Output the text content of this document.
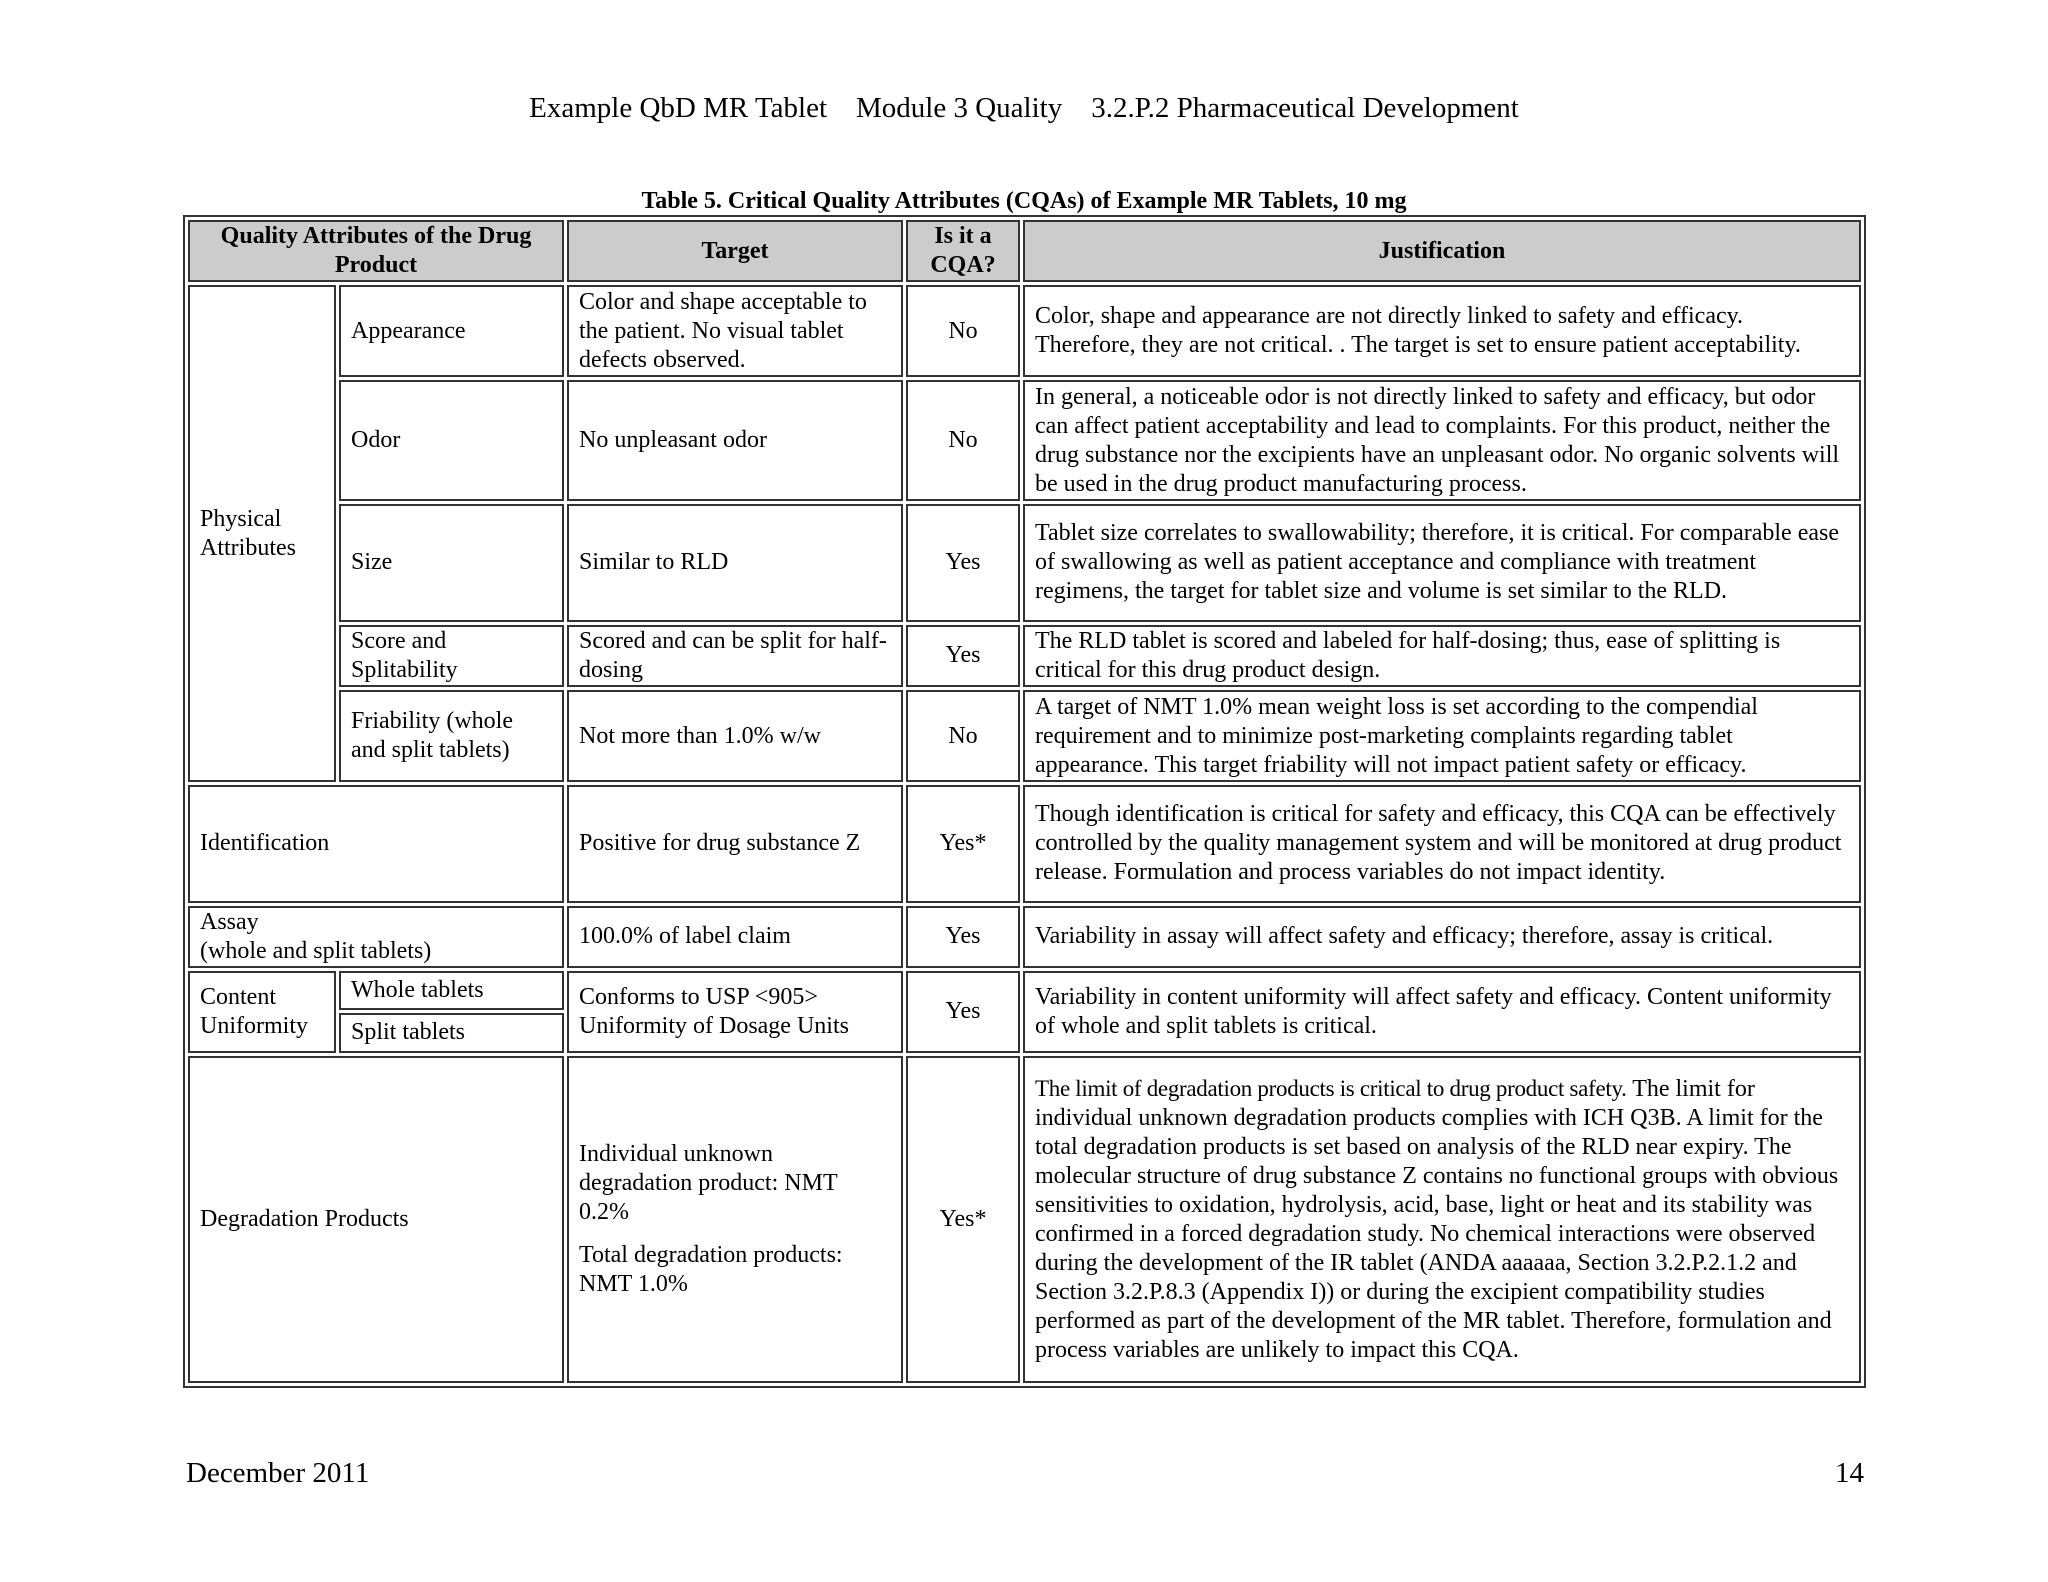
Example QbD MR Tablet    Module 3 Quality    3.2.P.2 Pharmaceutical Development
Table 5. Critical Quality Attributes (CQAs) of Example MR Tablets, 10 mg
Quality Attributes of the Drug Product		Target	Is it a CQA?	Justification
Physical Attributes	Appearance	Color and shape acceptable to the patient. No visual tablet defects observed.	No	Color, shape and appearance are not directly linked to safety and efficacy. Therefore, they are not critical. . The target is set to ensure patient acceptability.
	Odor	No unpleasant odor	No	In general, a noticeable odor is not directly linked to safety and efficacy, but odor can affect patient acceptability and lead to complaints. For this product, neither the drug substance nor the excipients have an unpleasant odor. No organic solvents will be used in the drug product manufacturing process.
	Size	Similar to RLD	Yes	Tablet size correlates to swallowability; therefore, it is critical. For comparable ease of swallowing as well as patient acceptance and compliance with treatment regimens, the target for tablet size and volume is set similar to the RLD.
	Score and Splitability	Scored and can be split for half-dosing	Yes	The RLD tablet is scored and labeled for half-dosing; thus, ease of splitting is critical for this drug product design.
	Friability (whole and split tablets)	Not more than 1.0% w/w	No	A target of NMT 1.0% mean weight loss is set according to the compendial requirement and to minimize post-marketing complaints regarding tablet appearance. This target friability will not impact patient safety or efficacy.
Identification		Positive for drug substance Z	Yes*	Though identification is critical for safety and efficacy, this CQA can be effectively controlled by the quality management system and will be monitored at drug product release. Formulation and process variables do not impact identity.

Assay
(whole and split tablets)		100.0% of label claim	Yes	Variability in assay will affect safety and efficacy; therefore, assay is critical.
Content Uniformity	Whole tablets	Conforms to USP <905> Uniformity of Dosage Units	Yes	Variability in content uniformity will affect safety and efficacy. Content uniformity of whole and split tablets is critical.
	Split tablets			
Degradation Products		Individual unknown degradation product: NMT 0.2%
Total degradation products: NMT 1.0%	Yes*	The limit of degradation products is critical to drug product safety. The limit for individual unknown degradation products complies with ICH Q3B. A limit for the total degradation products is set based on analysis of the RLD near expiry. The molecular structure of drug substance Z contains no functional groups with obvious sensitivities to oxidation, hydrolysis, acid, base, light or heat and its stability was confirmed in a forced degradation study. No chemical interactions were observed during the development of the IR tablet (ANDA aaaaaa, Section 3.2.P.2.1.2 and Section 3.2.P.8.3 (Appendix I)) or during the excipient compatibility studies performed as part of the development of the MR tablet. Therefore, formulation and process variables are unlikely to impact this CQA.
December 2011	14
